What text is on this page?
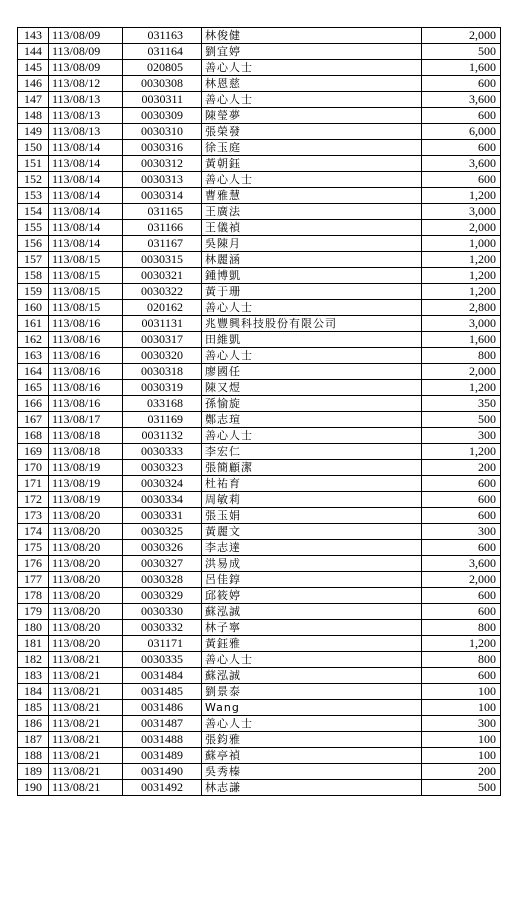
143	113/08/09	031163	林俊健	2,000
144	113/08/09	031164	劉宜婷	500
145	113/08/09	020805	善心人士	1,600
146	113/08/12	0030308	林恩慈	600
147	113/08/13	0030311	善心人士	3,600
148	113/08/13	0030309	陳瑩夢	600
149	113/08/13	0030310	張榮發	6,000
150	113/08/14	0030316	徐玉庭	600
151	113/08/14	0030312	黃朝鈺	3,600
152	113/08/14	0030313	善心人士	600
153	113/08/14	0030314	曹雅慧	1,200
154	113/08/14	031165	王廣法	3,000
155	113/08/14	031166	王儀禎	2,000
156	113/08/14	031167	吳陳月	1,000
157	113/08/15	0030315	林麗涵	1,200
158	113/08/15	0030321	鍾博凱	1,200
159	113/08/15	0030322	黃于珊	1,200
160	113/08/15	020162	善心人士	2,800
161	113/08/16	0031131	兆豐興科技股份有限公司	3,000
162	113/08/16	0030317	田維凱	1,600
163	113/08/16	0030320	善心人士	800
164	113/08/16	0030318	廖國任	2,000
165	113/08/16	0030319	陳又煜	1,200
166	113/08/16	033168	孫愉旋	350
167	113/08/17	031169	鄭志瑄	500
168	113/08/18	0031132	善心人士	300
169	113/08/18	0030333	李宏仁	1,200
170	113/08/19	0030323	張簡顧潔	200
171	113/08/19	0030324	杜祐育	600
172	113/08/19	0030334	周敏莉	600
173	113/08/20	0030331	張玉娟	600
174	113/08/20	0030325	黃麗文	300
175	113/08/20	0030326	李志達	600
176	113/08/20	0030327	洪易成	3,600
177	113/08/20	0030328	呂佳錞	2,000
178	113/08/20	0030329	邱筱婷	600
179	113/08/20	0030330	蘇泓誠	600
180	113/08/20	0030332	林子寧	800
181	113/08/20	031171	黃鈺雅	1,200
182	113/08/21	0030335	善心人士	800
183	113/08/21	0031484	蘇泓誠	600
184	113/08/21	0031485	劉景泰	100
185	113/08/21	0031486	Wang	100
186	113/08/21	0031487	善心人士	300
187	113/08/21	0031488	張鈞雅	100
188	113/08/21	0031489	蘇亭禎	100
189	113/08/21	0031490	吳秀榛	200
190	113/08/21	0031492	林志謙	500
